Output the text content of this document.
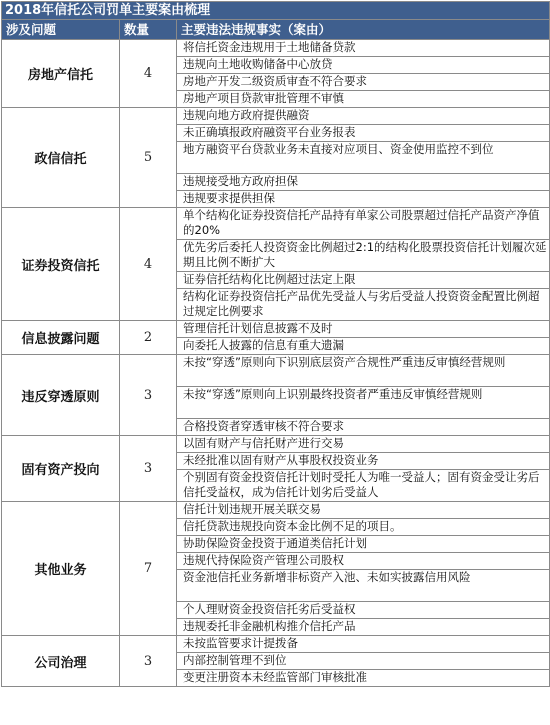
2018年信托公司罚单主要案由梳理		
涉及问题	数量	主要违法违规事实（案由）
房地产信托	4	将信托资金违规用于土地储备贷款
		违规向土地收购储备中心放贷
		房地产开发二级资质审查不符合要求
		房地产项目贷款审批管理不审慎
政信信托	5	违规向地方政府提供融资
		未正确填报政府融资平台业务报表
		地方融资平台贷款业务未直接对应项目、资金使用监控不到位
		违规接受地方政府担保
		违规要求提供担保
证券投资信托	4	单个结构化证券投资信托产品持有单家公司股票超过信托产品资产净值的20%
		优先劣后委托人投资资金比例超过2:1的结构化股票投资信托计划履次延期且比例不断扩大
		证券信托结构化比例超过法定上限
		结构化证券投资信托产品优先受益人与劣后受益人投资资金配置比例超过规定比例要求
信息披露问题	2	管理信托计划信息披露不及时
		向委托人披露的信息有重大遗漏
违反穿透原则	3	未按“穿透”原则向下识别底层资产合规性严重违反审慎经营规则
		未按“穿透”原则向上识别最终投资者严重违反审慎经营规则
		合格投资者穿透审核不符合要求
固有资产投向	3	以固有财产与信托财产进行交易
		未经批准以固有财产从事股权投资业务
		个别固有资金投资信托计划时受托人为唯一受益人；固有资金受让劣后信托受益权，成为信托计划劣后受益人
其他业务	7	信托计划违规开展关联交易
		信托贷款违规投向资本金比例不足的项目。
		协助保险资金投资于通道类信托计划
		违规代持保险资产管理公司股权
		资金池信托业务新增非标资产入池、未如实披露信用风险
		个人理财资金投资信托劣后受益权
		违规委托非金融机构推介信托产品
公司治理	3	未按监管要求计提拨备
		内部控制管理不到位
		变更注册资本未经监管部门审核批准
